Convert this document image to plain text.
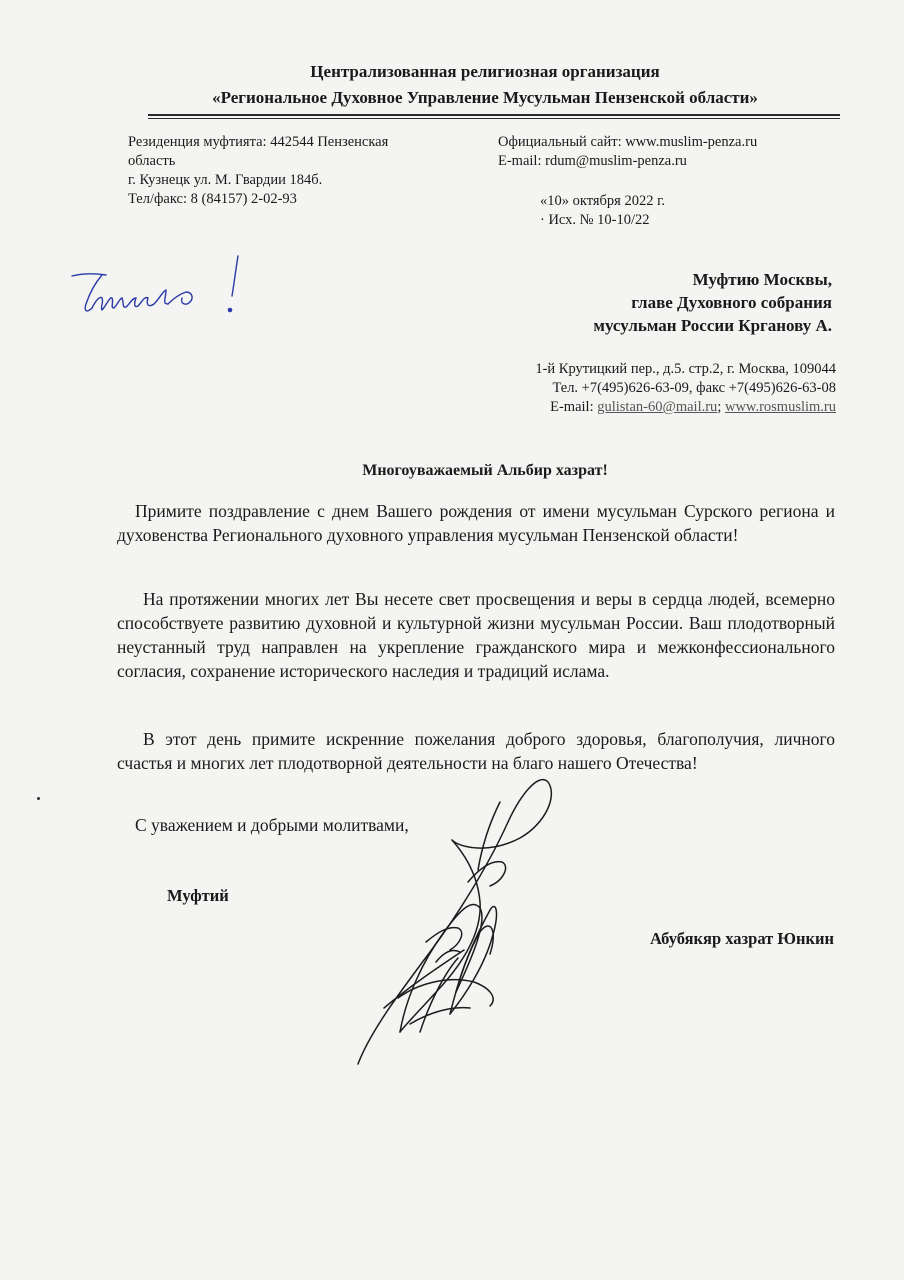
Централизованная религиозная организация
«Региональное Духовное Управление Мусульман Пензенской области»
Резиденция муфтията: 442544 Пензенская
область
г. Кузнецк ул. М. Гвардии 184б.
Тел/факс: 8 (84157) 2-02-93
Официальный сайт: www.muslim-penza.ru
E-mail: rdum@muslim-penza.ru
«10» октября 2022 г.
· Исх. № 10-10/22
Муфтию Москвы,
главе Духовного собрания
мусульман России Крганову А.
1-й Крутицкий пер., д.5. стр.2, г. Москва, 109044
Тел. +7(495)626-63-09, факс +7(495)626-63-08
E-mail: gulistan-60@mail.ru; www.rosmuslim.ru
Многоуважаемый Альбир хазрат!
Примите поздравление с днем Вашего рождения от имени мусульман Сурского региона и духовенства Регионального духовного управления мусульман Пензенской области!
На протяжении многих лет Вы несете свет просвещения и веры в сердца людей, всемерно способствуете развитию духовной и культурной жизни мусульман России. Ваш плодотворный неустанный труд направлен на укрепление гражданского мира и межконфессионального согласия, сохранение исторического наследия и традиций ислама.
В этот день примите искренние пожелания доброго здоровья, благополучия, личного счастья и многих лет плодотворной деятельности на благо нашего Отечества!
С уважением и добрыми молитвами,
Муфтий
Абубякяр хазрат Юнкин
